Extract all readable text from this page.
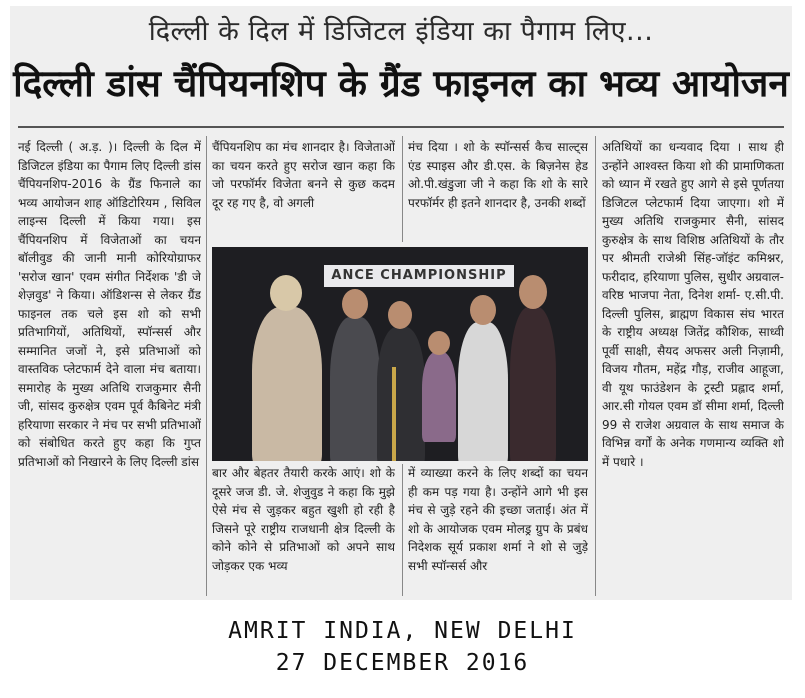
दिल्ली के दिल में डिजिटल इंडिया का पैगाम लिए...
दिल्ली डांस चैंपियनशिप के ग्रैंड फाइनल का भव्य आयोजन

नई दिल्ली ( अ.ड़. )। दिल्ली के दिल में डिजिटल इंडिया का पैगाम लिए दिल्ली डांस चैंपियनशिप-2016 के ग्रैंड फिनाले का भव्य आयोजन शाह ऑडिटोरियम , सिविल लाइन्स दिल्ली में किया गया। इस चैंपियनशिप में विजेताओं का चयन बॉलीवुड की जानी मानी कोरियोग्राफर 'सरोज खान' एवम संगीत निर्देशक 'डी जे शेज़वुड' ने किया। ऑडिशन्स से लेकर ग्रैंड फाइनल तक चले इस शो को सभी प्रतिभागियों, अतिथियों, स्पॉन्सर्स और सम्मानित जजों ने, इसे प्रतिभाओं को वास्तविक प्लेटफार्म देने वाला मंच बताया। समारोह के मुख्य अतिथि राजकुमार सैनी जी, सांसद कुरुक्षेत्र एवम पूर्व कैबिनेट मंत्री हरियाणा सरकार ने मंच पर सभी प्रतिभाओं को संबोधित करते हुए कहा कि गुप्त प्रतिभाओं को निखारने के लिए दिल्ली डांस

चैंपियनशिप का मंच शानदार है। विजेताओं का चयन करते हुए सरोज खान कहा कि जो परफॉर्मर विजेता बनने से कुछ कदम दूर रह गए है, वो अगली

मंच दिया । शो के स्पॉन्सर्स कैच साल्ट्स एंड स्पाइस और डी.एस. के बिज़नेस हेड ओ.पी.खंडुजा जी ने कहा कि शो के सारे परफॉर्मर ही इतने शानदार है, उनकी शब्दों

ANCE CHAMPIONSHIP

बार और बेहतर तैयारी करके आएं। शो के दूसरे जज डी. जे. शेजुवुड ने कहा कि मुझे ऐसे मंच से जुड़कर बहुत खुशी हो रही है जिसने पूरे राष्ट्रीय राजधानी क्षेत्र दिल्ली के कोने कोने से प्रतिभाओं को अपने साथ जोड़कर एक भव्य

में व्याख्या करने के लिए शब्दों का चयन ही कम पड़ गया है। उन्होंने आगे भी इस मंच से जुड़े रहने की इच्छा जताई। अंत में शो के आयोजक एवम मोलड्र ग्रुप के प्रबंध निदेशक सूर्य प्रकाश शर्मा ने शो से जुड़े सभी स्पॉन्सर्स और

अतिथियों का धन्यवाद दिया । साथ ही उन्होंने आश्वस्त किया शो की प्रामाणिकता को ध्यान में रखते हुए आगे से इसे पूर्णतया डिजिटल प्लेटफार्म दिया जाएगा। शो में मुख्य अतिथि राजकुमार सैनी, सांसद कुरुक्षेत्र के साथ विशिष्ठ अतिथियों के तौर पर श्रीमती राजेश्री सिंह-जॉइंट कमिश्नर, फरीदाद, हरियाणा पुलिस, सुधीर अग्रवाल- वरिष्ठ भाजपा नेता, दिनेश शर्मा- ए.सी.पी. दिल्ली पुलिस, ब्राह्मण विकास संघ भारत के राष्ट्रीय अध्यक्ष जितेंद्र कौशिक, साध्वी पूर्वी साक्षी, सैयद अफसर अली निज़ामी, विजय गौतम, महेंद्र गौड़, राजीव आहूजा, वी यूथ फाउंडेशन के ट्रस्टी प्रह्लाद शर्मा, आर.सी गोयल एवम डॉ सीमा शर्मा, दिल्ली 99 से राजेश अग्रवाल के साथ समाज के विभिन्न वर्गों के अनेक गणमान्य व्यक्ति शो में पधारे ।

AMRIT INDIA, NEW DELHI
27 DECEMBER 2016
